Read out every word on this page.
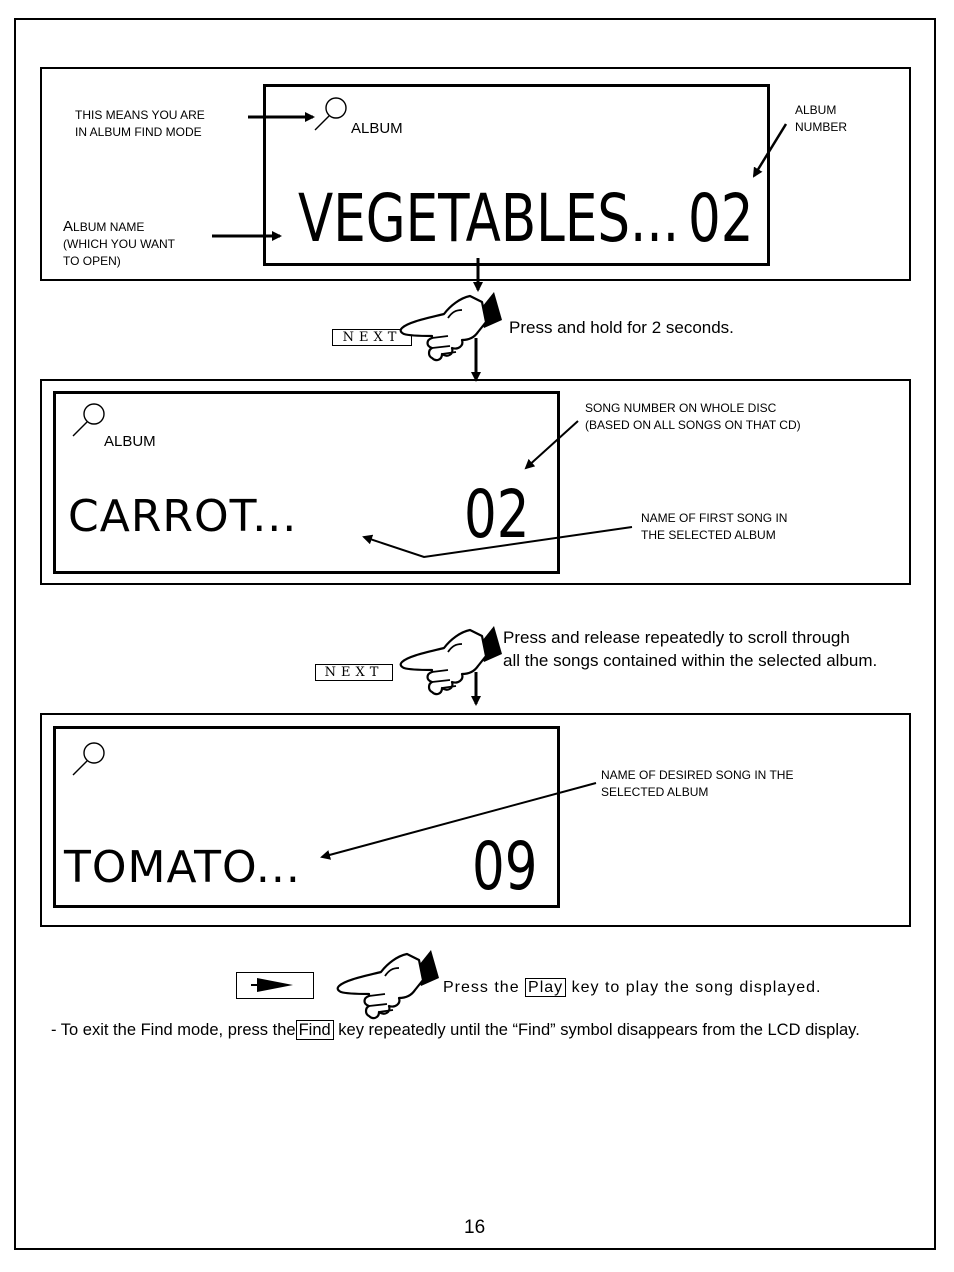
THIS MEANS YOU ARE
IN ALBUM FIND MODE
ALBUM
NUMBER
ALBUM NAME
(WHICH YOU WANT
TO OPEN)
ALBUM
VEGETABLES... 02
NEXT
Press and hold for 2 seconds.
ALBUM
CARROT...	02
SONG NUMBER ON WHOLE DISC
(BASED ON ALL SONGS ON THAT CD)
NAME OF FIRST SONG IN
THE SELECTED ALBUM
NEXT
Press and release repeatedly to scroll through
all the songs contained within the selected album.
TOMATO...	09
NAME OF DESIRED SONG IN THE
SELECTED ALBUM
Press the Play key to play the song displayed.
- To exit the Find mode, press the Find key repeatedly until the “Find” symbol disappears from the LCD display.
16
